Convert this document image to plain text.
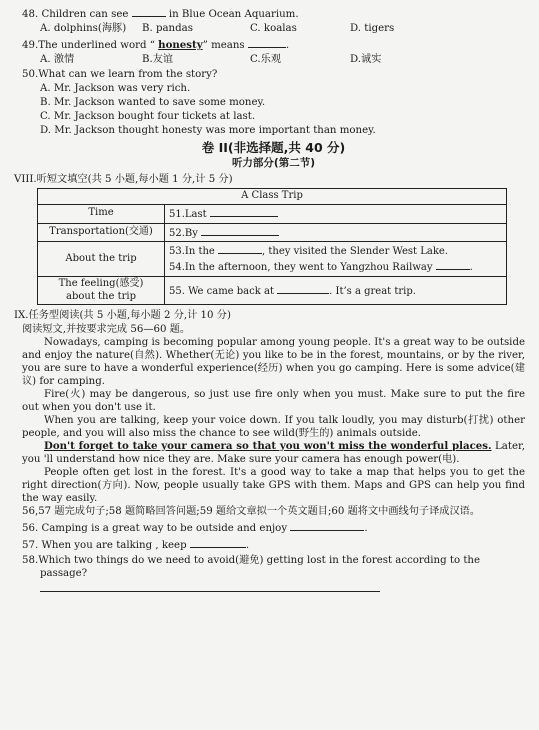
48. Children can see	in Blue Ocean Aquarium.

A. dolphins(海豚)	B. pandas	C. koalas	D. tigers

49.The underlined word “ honesty” means	.

A. 激情	B.友谊	C.乐观	D.诚实

50.What can we learn from the story?

A. Mr. Jackson was very rich.
B. Mr. Jackson wanted to save some money.
C. Mr. Jackson bought four tickets at last.
D. Mr. Jackson thought honesty was more important than money.
卷 II(非选择题,共 40 分)
听力部分(第二节)
VIII.听短文填空(共 5 小题,每小题 1 分,计 5 分)
A Class Trip	
Time	51.Last
Transportation(交通)	52.By
About the trip	53.In the , they visited the Slender West Lake.
54.In the afternoon, they went to Yangzhou Railway .

The feeling(感受)
about the trip	55. We came back at . It’s a great trip.
IX.任务型阅读(共 5 小题,每小题 2 分,计 10 分)

阅读短文,并按要求完成 56—60 题。

Nowadays, camping is becoming popular among young people. It's a great way to be outside and enjoy the nature(自然). Whether(无论) you like to be in the forest, mountains, or by the river, you are sure to have a wonderful experience(经历) when you go camping. Here is some advice(建议) for camping.

Fire(火) may be dangerous, so just use fire only when you must. Make sure to put the fire out when you don't use it.

When you are talking, keep your voice down. If you talk loudly, you may disturb(打扰) other people, and you will also miss the chance to see wild(野生的) animals outside.

Don't forget to take your camera so that you won't miss the wonderful places. Later, you 'll understand how nice they are. Make sure your camera has enough power(电).

People often get lost in the forest. It's a good way to take a map that helps you to get the right direction(方向). Now, people usually take GPS with them. Maps and GPS can help you find the way easily.

56,57 题完成句子;58 题简略回答问题;59 题给文章拟一个英文题目;60 题将文中画线句子译成汉语。

56. Camping is a great way to be outside and enjoy	.

57. When you are talking , keep	.

58.Which two things do we need to avoid(避免) getting lost in the forest according to the

passage?
